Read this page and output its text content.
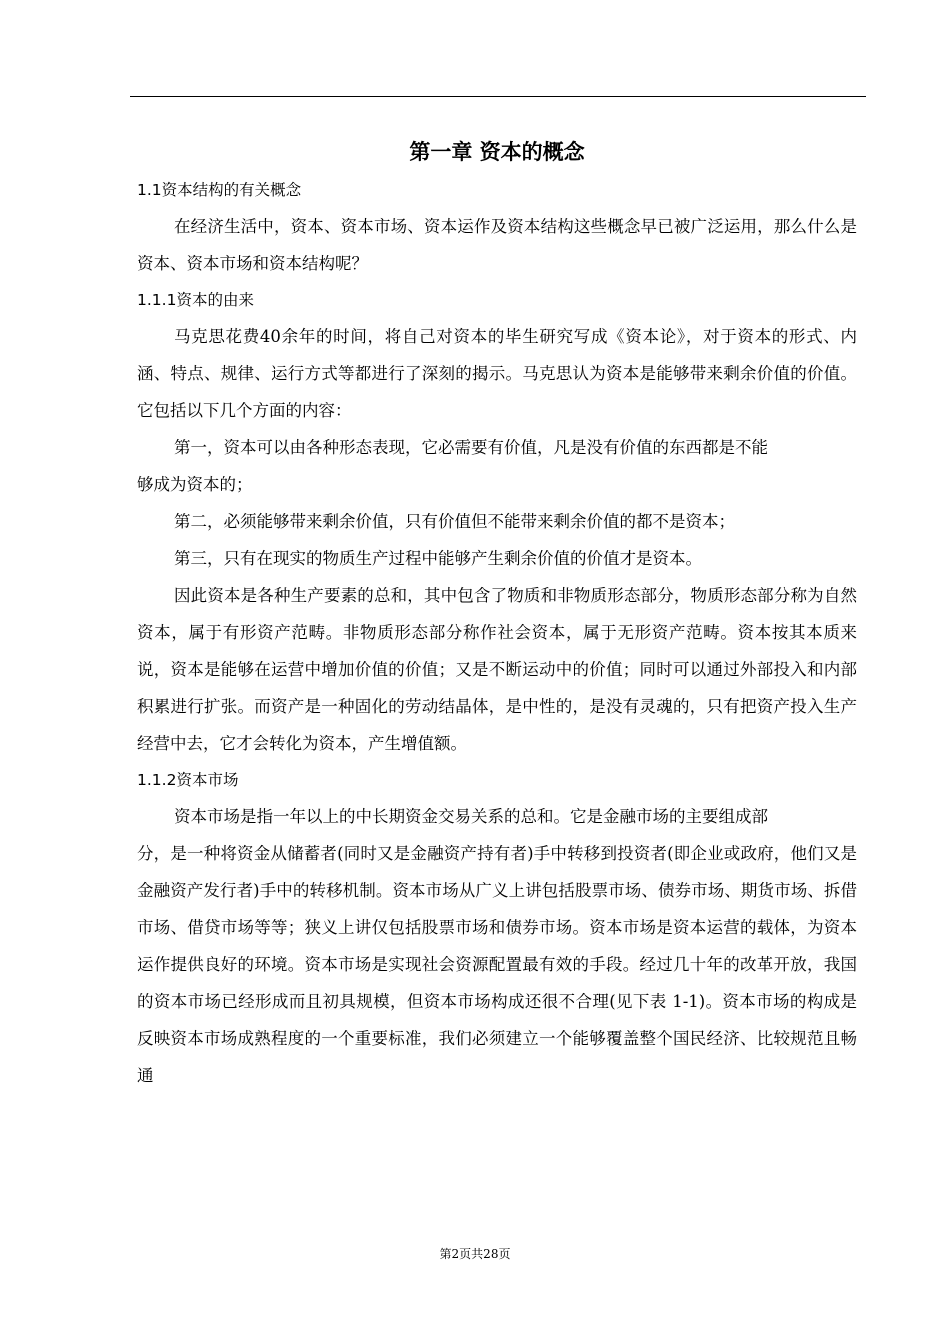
第一章 资本的概念
1.1资本结构的有关概念

在经济生活中，资本、资本市场、资本运作及资本结构这些概念早已被广泛运用，那么什么是资本、资本市场和资本结构呢？

1.1.1资本的由来

马克思花费40余年的时间，将自己对资本的毕生研究写成《资本论》，对于资本的形式、内涵、特点、规律、运行方式等都进行了深刻的揭示。马克思认为资本是能够带来剩余价值的价值。它包括以下几个方面的内容：

第一，资本可以由各种形态表现，它必需要有价值，凡是没有价值的东西都是不能

够成为资本的；

第二，必须能够带来剩余价值，只有价值但不能带来剩余价值的都不是资本；

第三，只有在现实的物质生产过程中能够产生剩余价值的价值才是资本。

因此资本是各种生产要素的总和，其中包含了物质和非物质形态部分，物质形态部分称为自然资本，属于有形资产范畴。非物质形态部分称作社会资本，属于无形资产范畴。资本按其本质来说，资本是能够在运营中增加价值的价值；又是不断运动中的价值；同时可以通过外部投入和内部积累进行扩张。而资产是一种固化的劳动结晶体，是中性的，是没有灵魂的，只有把资产投入生产经营中去，它才会转化为资本，产生增值额。

1.1.2资本市场

资本市场是指一年以上的中长期资金交易关系的总和。它是金融市场的主要组成部

分，是一种将资金从储蓄者(同时又是金融资产持有者)手中转移到投资者(即企业或政府，他们又是金融资产发行者)手中的转移机制。资本市场从广义上讲包括股票市场、债券市场、期货市场、拆借市场、借贷市场等等；狭义上讲仅包括股票市场和债券市场。资本市场是资本运营的载体，为资本运作提供良好的环境。资本市场是实现社会资源配置最有效的手段。经过几十年的改革开放，我国的资本市场已经形成而且初具规模，但资本市场构成还很不合理(见下表 1-1)。资本市场的构成是反映资本市场成熟程度的一个重要标准，我们必须建立一个能够覆盖整个国民经济、比较规范且畅通

第2页共28页
